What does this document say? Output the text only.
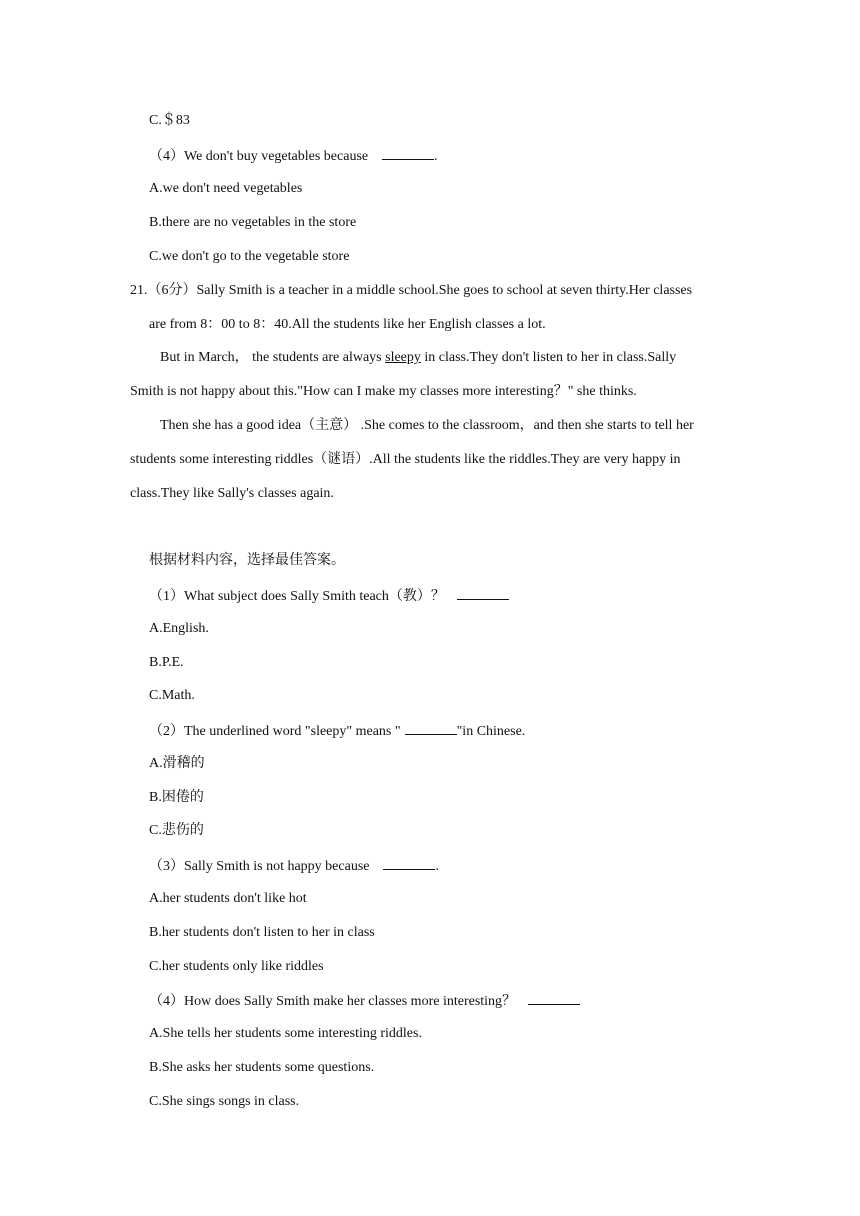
C.＄83
（4）We don't buy vegetables because	.
A.we don't need vegetables
B.there are no vegetables in the store
C.we don't go to the vegetable store
21.（6分）Sally Smith is a teacher in a middle school.She goes to school at seven thirty.Her classes
are from 8：00 to 8：40.All the students like her English classes a lot.
But in March， the students are always sleepy in class.They don't listen to her in class.Sally
Smith is not happy about this."How can I make my classes more interesting？" she thinks.
Then she has a good idea（主意） .She comes to the classroom，and then she starts to tell her
students some interesting riddles（谜语）.All the students like the riddles.They are very happy in
class.They like Sally's classes again.
根据材料内容，选择最佳答案。
（1）What subject does Sally Smith teach（教）？
A.English.
B.P.E.
C.Math.
（2）The underlined word "sleepy" means "	"in Chinese.
A.滑稽的
B.困倦的
C.悲伤的
（3）Sally Smith is not happy because	.
A.her students don't like hot
B.her students don't listen to her in class
C.her students only like riddles
（4）How does Sally Smith make her classes more interesting？
A.She tells her students some interesting riddles.
B.She asks her students some questions.
C.She sings songs in class.
